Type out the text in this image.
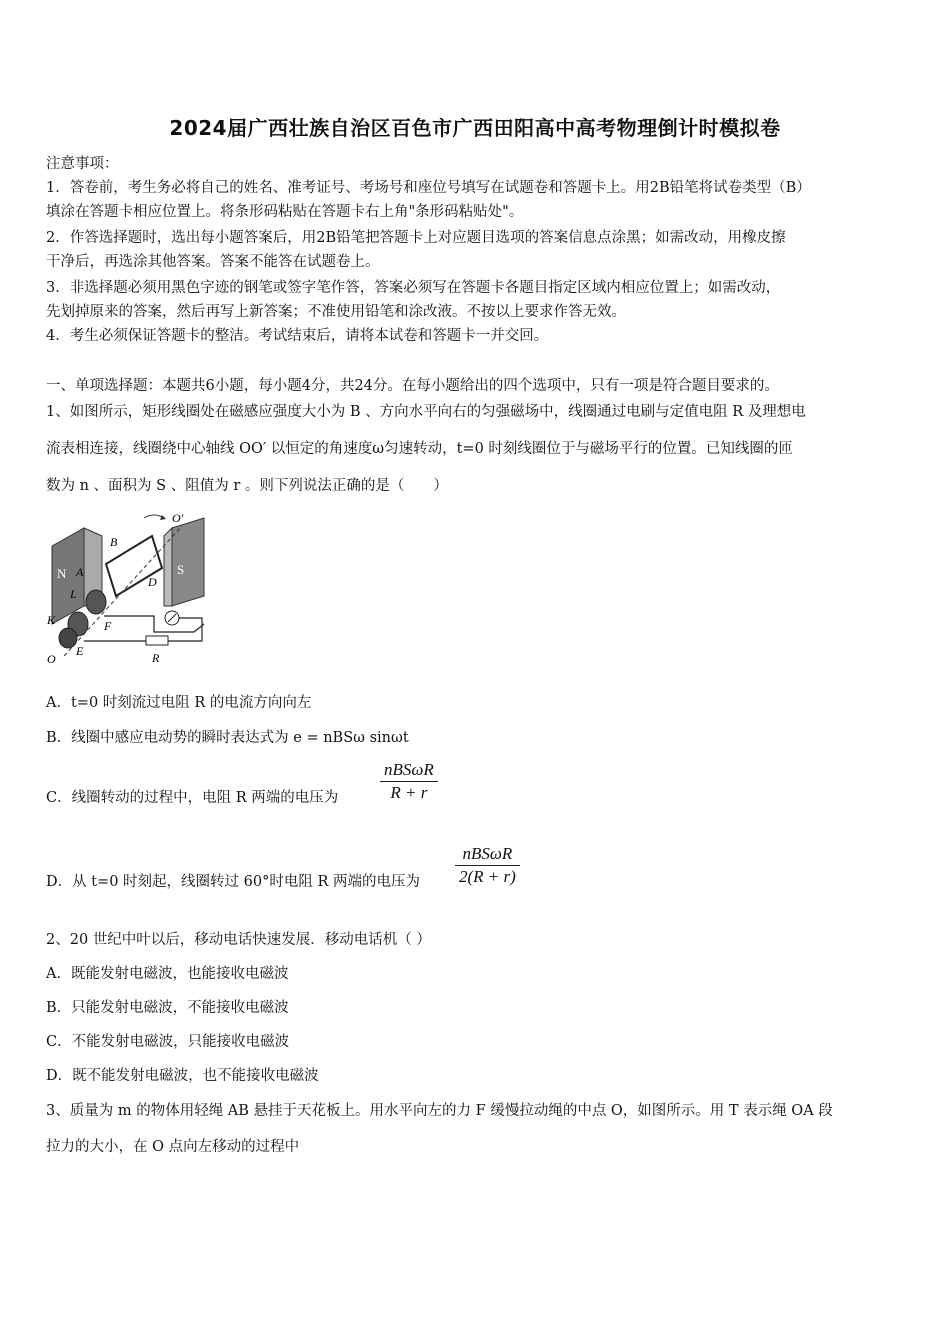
2024届广西壮族自治区百色市广西田阳高中高考物理倒计时模拟卷
注意事项：
1．答卷前，考生务必将自己的姓名、准考证号、考场号和座位号填写在试题卷和答题卡上。用2B铅笔将试卷类型（B）
填涂在答题卡相应位置上。将条形码粘贴在答题卡右上角"条形码粘贴处"。
2．作答选择题时，选出每小题答案后，用2B铅笔把答题卡上对应题目选项的答案信息点涂黑；如需改动，用橡皮擦
干净后，再选涂其他答案。答案不能答在试题卷上。
3．非选择题必须用黑色字迹的钢笔或签字笔作答，答案必须写在答题卡各题目指定区域内相应位置上；如需改动，
先划掉原来的答案，然后再写上新答案；不准使用铅笔和涂改液。不按以上要求作答无效。
4．考生必须保证答题卡的整洁。考试结束后，请将本试卷和答题卡一并交回。
一、单项选择题：本题共6小题，每小题4分，共24分。在每小题给出的四个选项中，只有一项是符合题目要求的。
1、如图所示，矩形线圈处在磁感应强度大小为 B 、方向水平向右的匀强磁场中，线圈通过电刷与定值电阻 R 及理想电
流表相连接，线圈绕中心轴线 OO′ 以恒定的角速度ω匀速转动，t=0 时刻线圈位于与磁场平行的位置。已知线圈的匝
数为 n 、面积为 S 、阻值为 r 。则下列说法正确的是（　　）
O′
B
N A	S
D
L
K	F
O
E	R
A．t=0 时刻流过电阻 R 的电流方向向左
B．线圈中感应电动势的瞬时表达式为 e = nBSω sinωt
C．线圈转动的过程中，电阻 R 两端的电压为
nBSωR
R + r
D．从 t=0 时刻起，线圈转过 60°时电阻 R 两端的电压为
nBSωR
2(R + r)
2、20 世纪中叶以后，移动电话快速发展．移动电话机（ ）
A．既能发射电磁波，也能接收电磁波
B．只能发射电磁波，不能接收电磁波
C．不能发射电磁波，只能接收电磁波
D．既不能发射电磁波，也不能接收电磁波
3、质量为 m 的物体用轻绳 AB 悬挂于天花板上。用水平向左的力 F 缓慢拉动绳的中点 O，如图所示。用 T 表示绳 OA 段
拉力的大小，在 O 点向左移动的过程中
